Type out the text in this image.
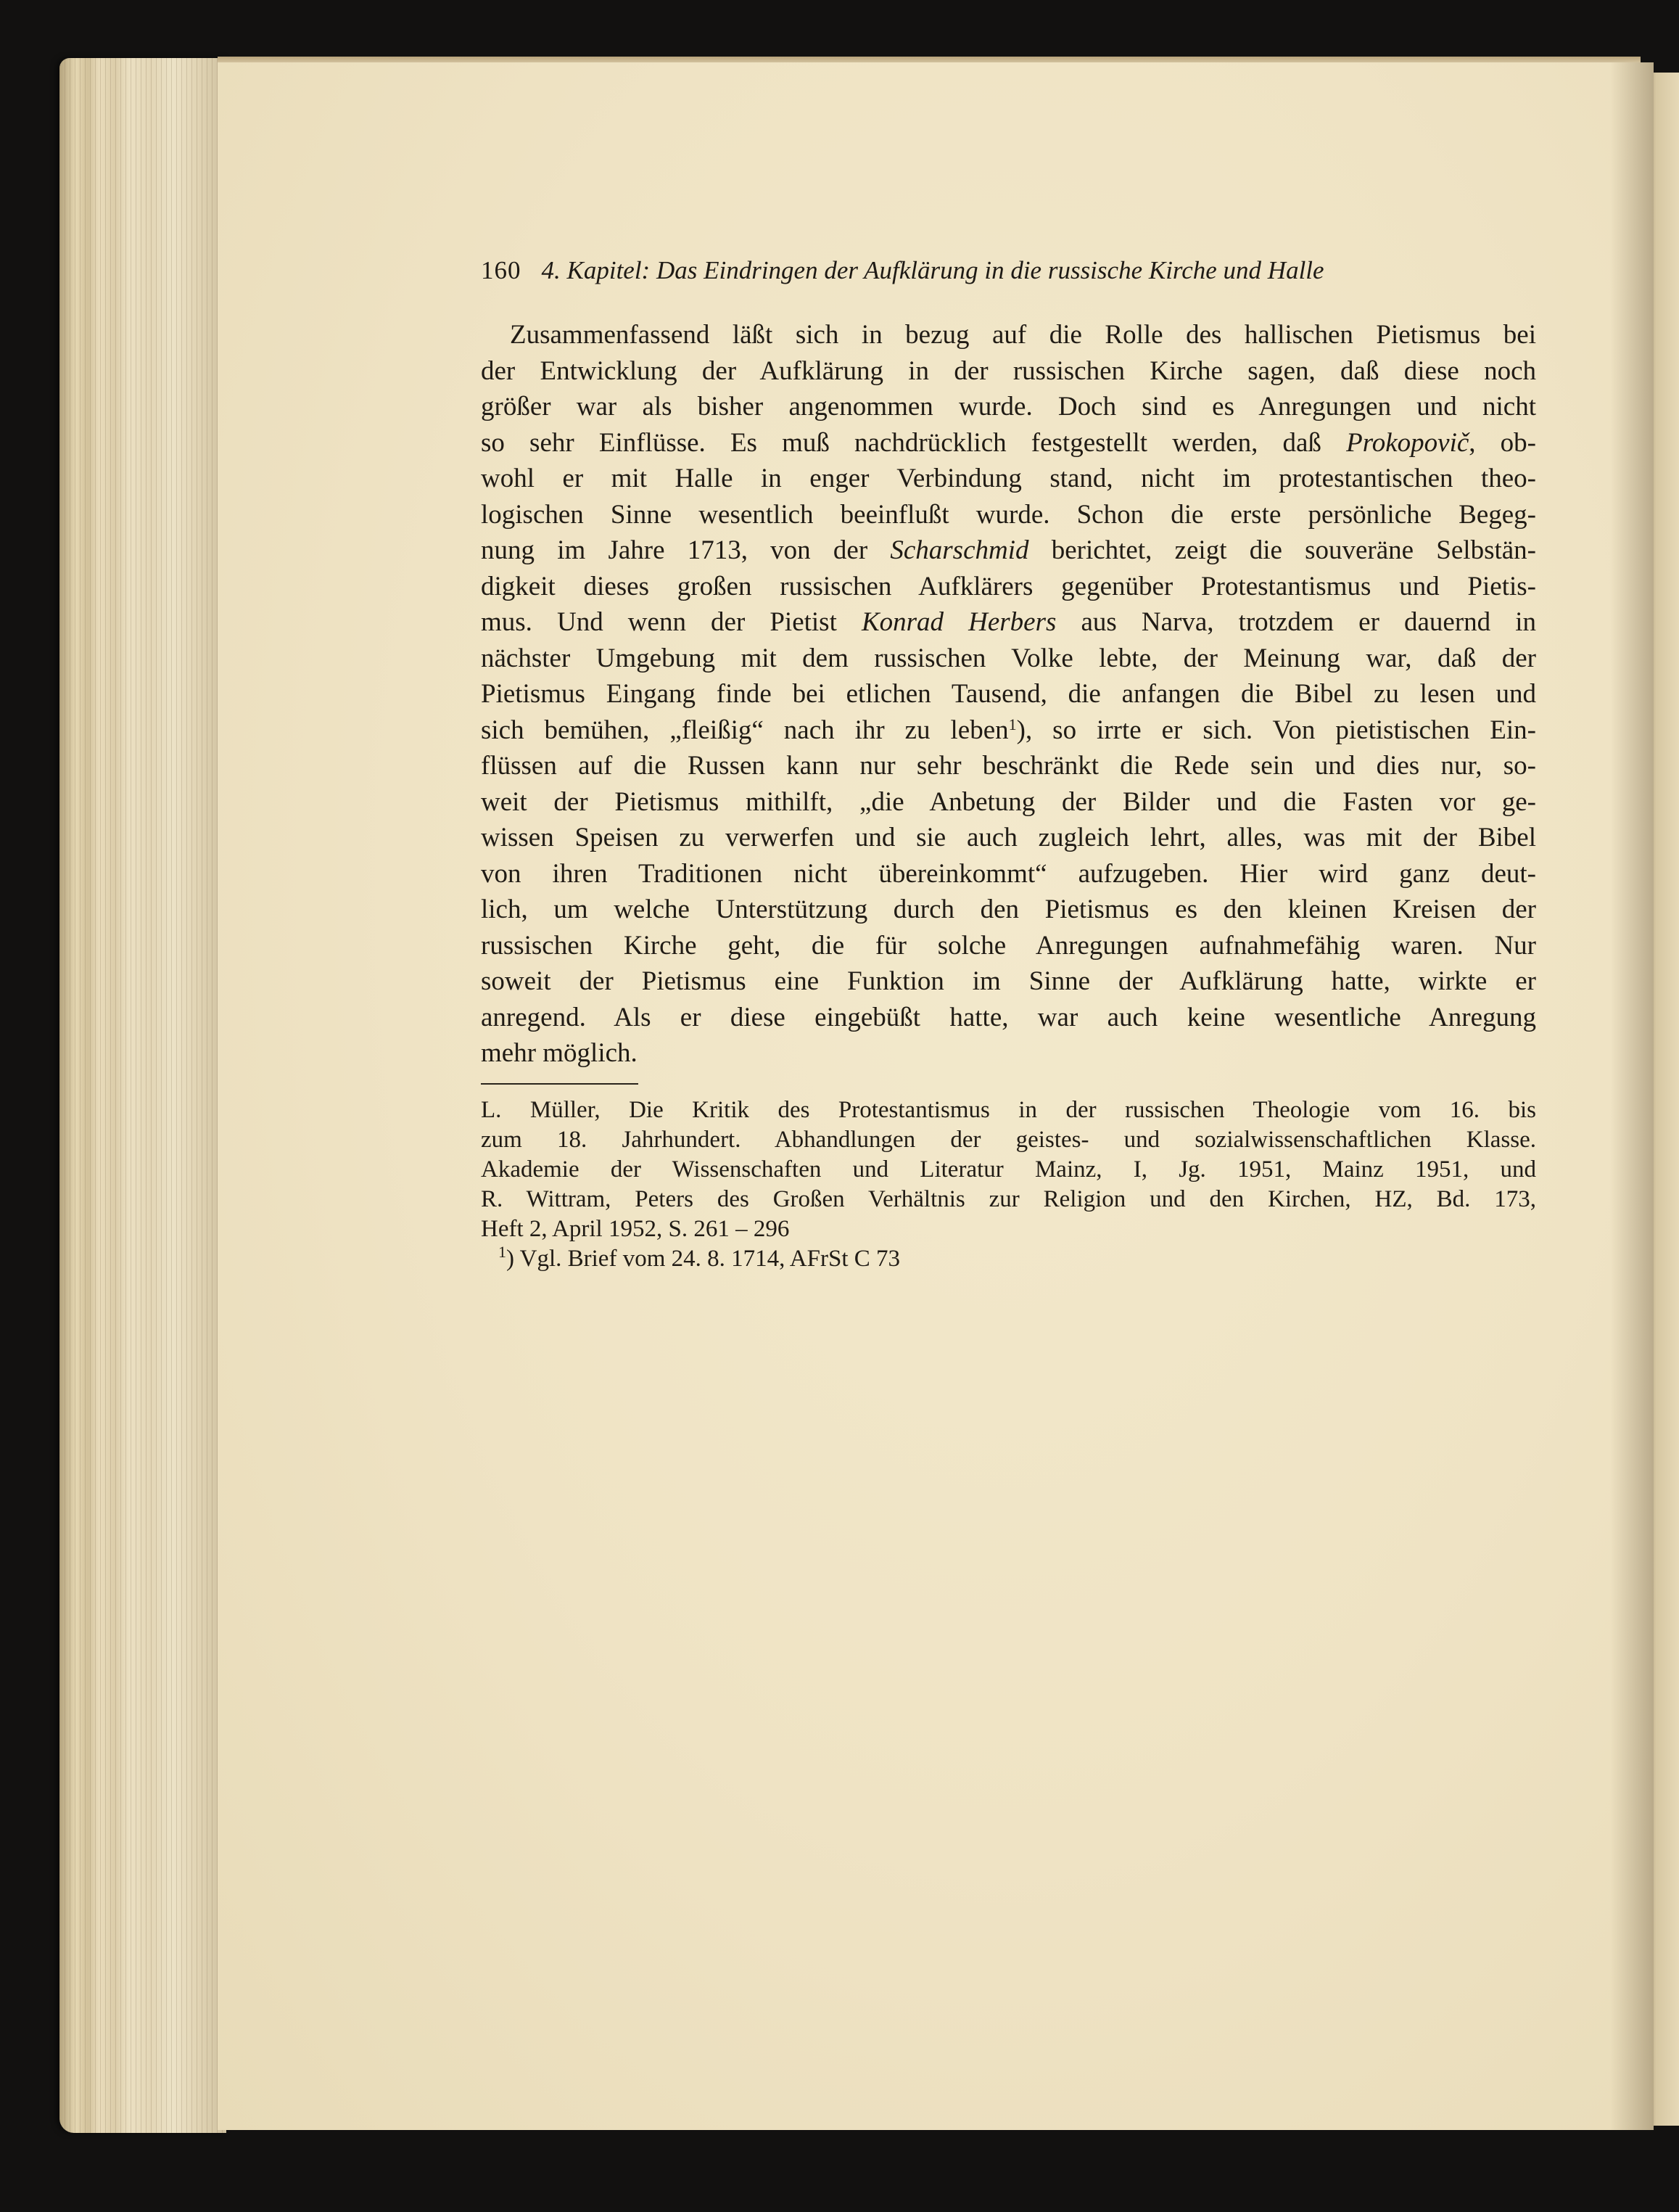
160 4. Kapitel: Das Eindringen der Aufklärung in die russische Kirche und Halle
Zusammenfassend läßt sich in bezug auf die Rolle des hallischen Pietismus bei
der Entwicklung der Aufklärung in der russischen Kirche sagen, daß diese noch
größer war als bisher angenommen wurde. Doch sind es Anregungen und nicht
so sehr Einflüsse. Es muß nachdrücklich festgestellt werden, daß Prokopovič, ob-
wohl er mit Halle in enger Verbindung stand, nicht im protestantischen theo-
logischen Sinne wesentlich beeinflußt wurde. Schon die erste persönliche Begeg-
nung im Jahre 1713, von der Scharschmid berichtet, zeigt die souveräne Selbstän-
digkeit dieses großen russischen Aufklärers gegenüber Protestantismus und Pietis-
mus. Und wenn der Pietist Konrad Herbers aus Narva, trotzdem er dauernd in
nächster Umgebung mit dem russischen Volke lebte, der Meinung war, daß der
Pietismus Eingang finde bei etlichen Tausend, die anfangen die Bibel zu lesen und
sich bemühen, „fleißig“ nach ihr zu leben$^1$), so irrte er sich. Von pietistischen Ein-
flüssen auf die Russen kann nur sehr beschränkt die Rede sein und dies nur, so-
weit der Pietismus mithilft, „die Anbetung der Bilder und die Fasten vor ge-
wissen Speisen zu verwerfen und sie auch zugleich lehrt, alles, was mit der Bibel
von ihren Traditionen nicht übereinkommt“ aufzugeben. Hier wird ganz deut-
lich, um welche Unterstützung durch den Pietismus es den kleinen Kreisen der
russischen Kirche geht, die für solche Anregungen aufnahmefähig waren. Nur
soweit der Pietismus eine Funktion im Sinne der Aufklärung hatte, wirkte er
anregend. Als er diese eingebüßt hatte, war auch keine wesentliche Anregung
mehr möglich.
L. Müller, Die Kritik des Protestantismus in der russischen Theologie vom 16. bis
zum 18. Jahrhundert. Abhandlungen der geistes- und sozialwissenschaftlichen Klasse.
Akademie der Wissenschaften und Literatur Mainz, I, Jg. 1951, Mainz 1951, und
R. Wittram, Peters des Großen Verhältnis zur Religion und den Kirchen, HZ, Bd. 173,
Heft 2, April 1952, S. 261 – 296
$^1$) Vgl. Brief vom 24. 8. 1714, AFrSt C 73
